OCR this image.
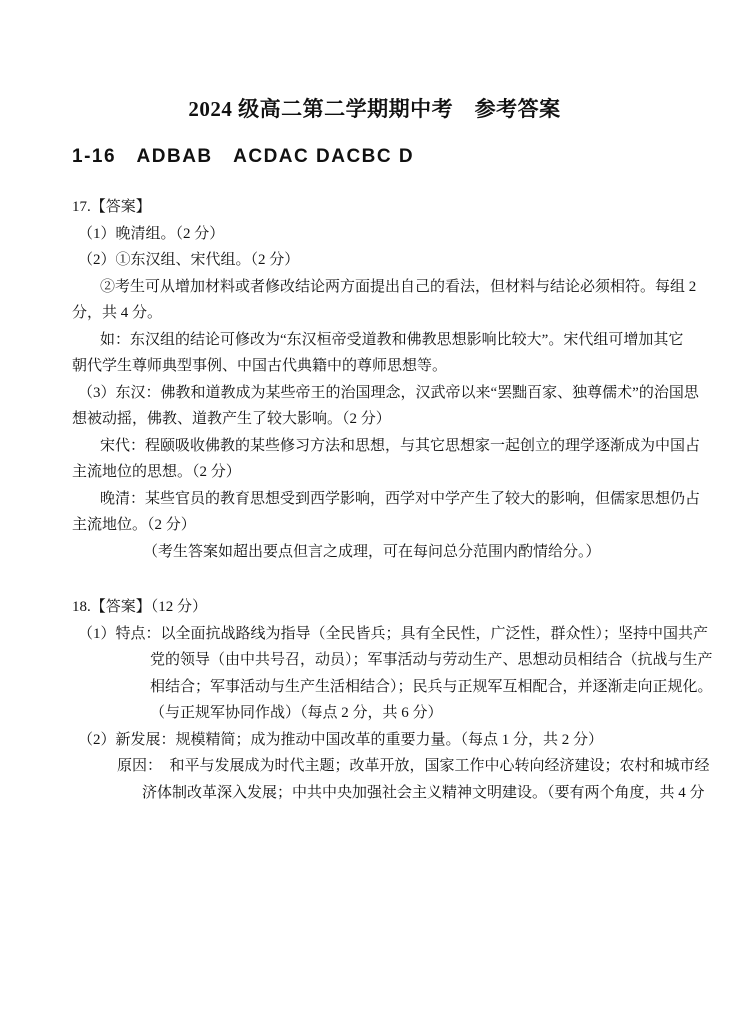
2024 级高二第二学期期中考　参考答案
1-16　ADBAB　ACDAC DACBC D
17.【答案】
（1）晚清组。（2 分）
（2）①东汉组、宋代组。（2 分）
②考生可从增加材料或者修改结论两方面提出自己的看法，但材料与结论必须相符。每组 2
分，共 4 分。
如：东汉组的结论可修改为“东汉桓帝受道教和佛教思想影响比较大”。宋代组可增加其它
朝代学生尊师典型事例、中国古代典籍中的尊师思想等。
（3）东汉：佛教和道教成为某些帝王的治国理念，汉武帝以来“罢黜百家、独尊儒术”的治国思
想被动摇，佛教、道教产生了较大影响。（2 分）
宋代：程颐吸收佛教的某些修习方法和思想，与其它思想家一起创立的理学逐渐成为中国占
主流地位的思想。（2 分）
晚清：某些官员的教育思想受到西学影响，西学对中学产生了较大的影响，但儒家思想仍占
主流地位。（2 分）
（考生答案如超出要点但言之成理，可在每问总分范围内酌情给分。）
18.【答案】（12 分）
（1）特点：以全面抗战路线为指导（全民皆兵；具有全民性，广泛性，群众性）；坚持中国共产
党的领导（由中共号召，动员）；军事活动与劳动生产、思想动员相结合（抗战与生产
相结合；军事活动与生产生活相结合）；民兵与正规军互相配合，并逐渐走向正规化。
（与正规军协同作战）（每点 2 分，共 6 分）
（2）新发展：规模精简；成为推动中国改革的重要力量。（每点 1 分，共 2 分）
原因：　和平与发展成为时代主题；改革开放，国家工作中心转向经济建设；农村和城市经
济体制改革深入发展；中共中央加强社会主义精神文明建设。（要有两个角度，共 4 分
